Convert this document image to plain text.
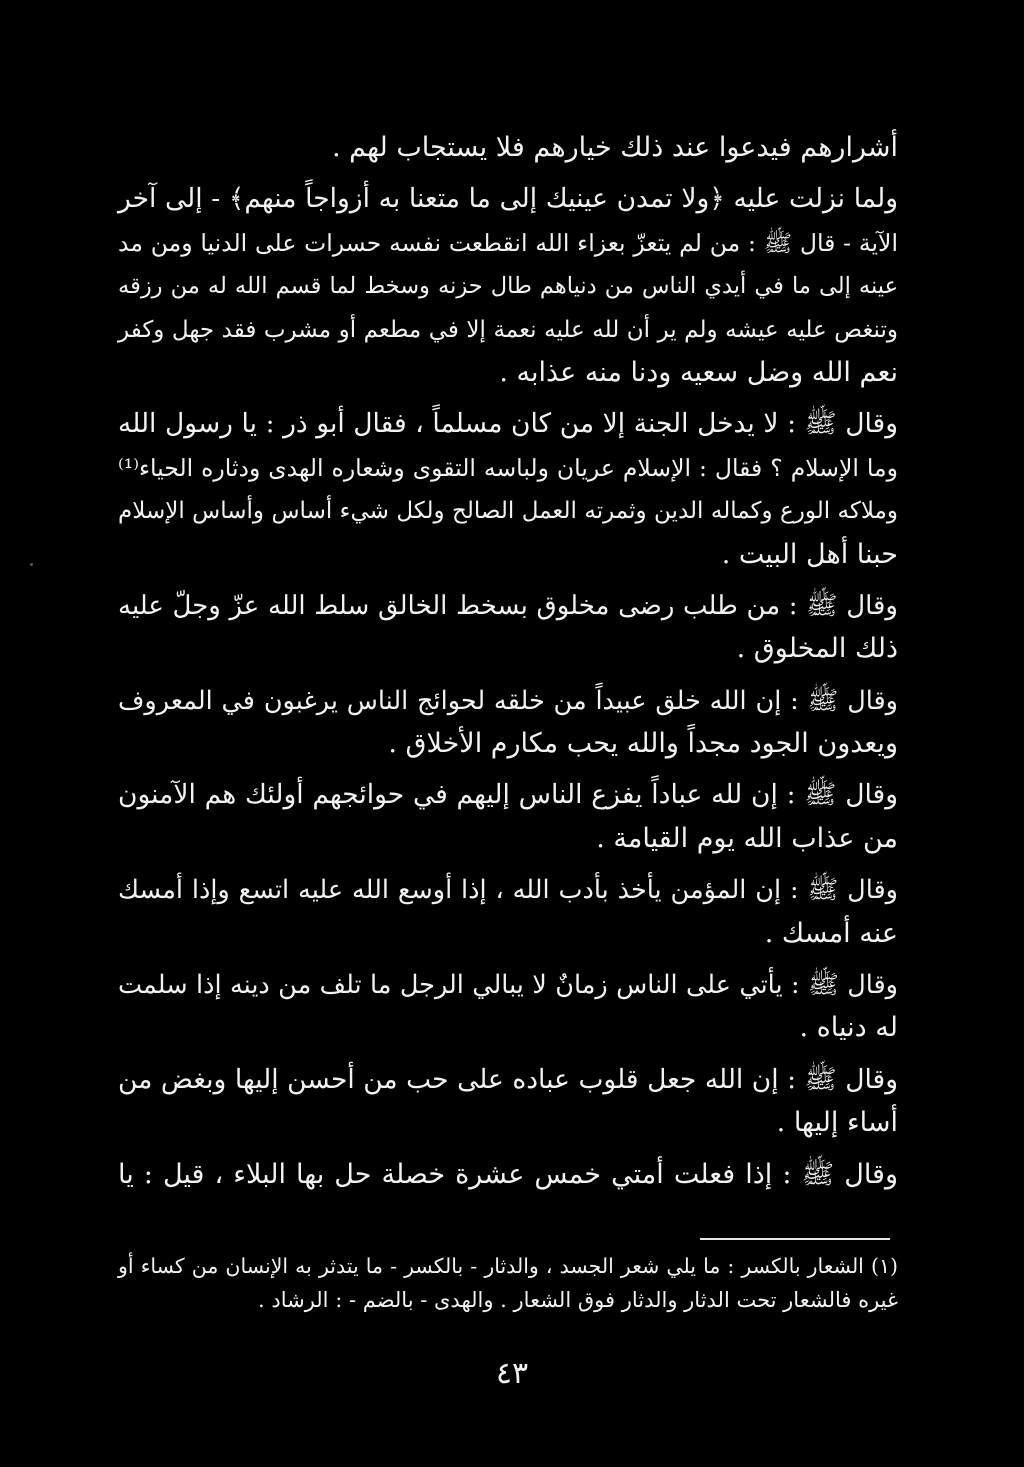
أشرارهم فيدعوا عند ذلك خيارهم فلا يستجاب لهم .
ولما نزلت عليه ﴿ولا تمدن عينيك إلى ما متعنا به أزواجاً منهم﴾ - إلى آخر
الآية - قال ﷺ : من لم يتعزّ بعزاء الله انقطعت نفسه حسرات على الدنيا ومن مد
عينه إلى ما في أيدي الناس من دنياهم طال حزنه وسخط لما قسم الله له من رزقه
وتنغص عليه عيشه ولم ير أن لله عليه نعمة إلا في مطعم أو مشرب فقد جهل وكفر
نعم الله وضل سعيه ودنا منه عذابه .
وقال ﷺ : لا يدخل الجنة إلا من كان مسلماً ، فقال أبو ذر : يا رسول الله
وما الإسلام ؟ فقال : الإسلام عريان ولباسه التقوى وشعاره الهدى ودثاره الحياء⁽¹⁾
وملاكه الورع وكماله الدين وثمرته العمل الصالح ولكل شيء أساس وأساس الإسلام
حبنا أهل البيت .
وقال ﷺ : من طلب رضى مخلوق بسخط الخالق سلط الله عزّ وجلّ عليه
ذلك المخلوق .
وقال ﷺ : إن الله خلق عبيداً من خلقه لحوائج الناس يرغبون في المعروف
ويعدون الجود مجداً والله يحب مكارم الأخلاق .
وقال ﷺ : إن لله عباداً يفزع الناس إليهم في حوائجهم أولئك هم الآمنون
من عذاب الله يوم القيامة .
وقال ﷺ : إن المؤمن يأخذ بأدب الله ، إذا أوسع الله عليه اتسع وإذا أمسك
عنه أمسك .
وقال ﷺ : يأتي على الناس زمانٌ لا يبالي الرجل ما تلف من دينه إذا سلمت
له دنياه .
وقال ﷺ : إن الله جعل قلوب عباده على حب من أحسن إليها وبغض من
أساء إليها .
وقال ﷺ : إذا فعلت أمتي خمس عشرة خصلة حل بها البلاء ، قيل : يا
(١) الشعار بالكسر : ما يلي شعر الجسد ، والدثار - بالكسر - ما يتدثر به الإنسان من كساء أو
غيره فالشعار تحت الدثار والدثار فوق الشعار . والهدى - بالضم - : الرشاد .
٤٣
